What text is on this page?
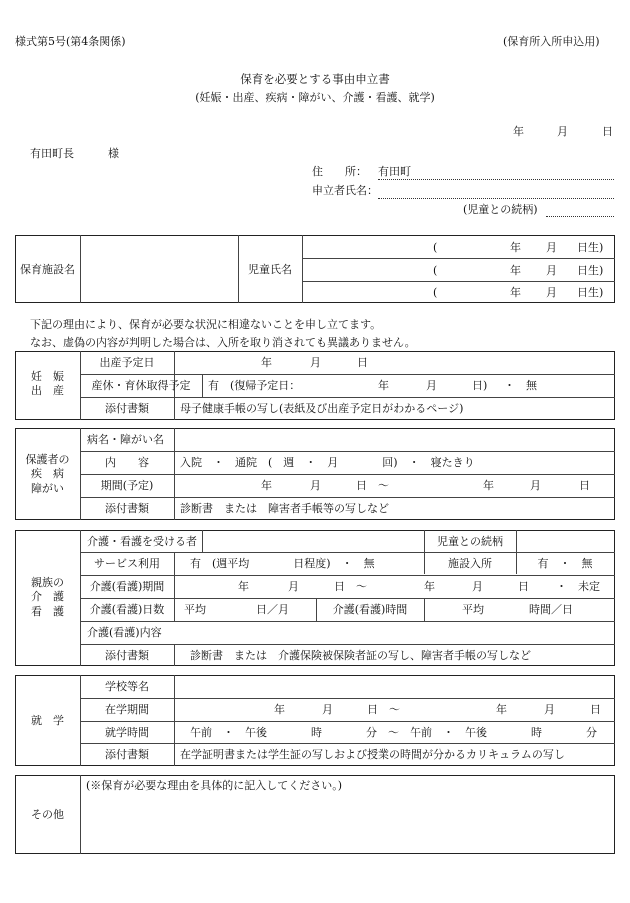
様式第5号(第4条関係)	(保育所入所申込用)
保育を必要とする事由申立書
(妊娠・出産、疾病・障がい、介護・看護、就学)
年	月	日
有田町長	様
住　　所： 有田町
申立者氏名：
(児童との続柄)
保育施設名	児童氏名
(	年 月 日生)
(	年 月 日生)
(	年 月 日生)
下記の理由により、保育が必要な状況に相違ないことを申し立てます。
なお、虚偽の内容が判明した場合は、入所を取り消されても異議ありません。
妊　娠
出　産
出産予定日	年	月	日
産休・育休取得予定	有　(復帰予定日：	年	月	日) ・　無
添付書類	母子健康手帳の写し(表紙及び出産予定日がわかるページ)
保護者の
疾　病
障がい
病名・障がい名
内　　容	入院　・　通院　(　週　・　月　　　　回)　・　寝たきり
期間(予定)	年	月	日　～	年	月	日
添付書類	診断書　または　障害者手帳等の写しなど
親族の
介　護
看　護
介護・看護を受ける者	児童との続柄
サービス利用	有　(週平均　　　　日程度)　・　無	施設入所	有　・　無
介護(看護)期間	年	月	日　～	年	月	日 ・　未定
介護(看護)日数	平均	日／月	介護(看護)時間	平均	時間／日
介護(看護)内容
添付書類	診断書　または　介護保険被保険者証の写し、障害者手帳の写しなど
就　学
学校等名
在学期間	年	月	日　～	年	月	日
就学時間	午前　・　午後　　　　時　　　　分　～　午前　・　午後　　　　時　　　　分
添付書類	在学証明書または学生証の写しおよび授業の時間が分かるカリキュラムの写し
その他
(※保育が必要な理由を具体的に記入してください。)
